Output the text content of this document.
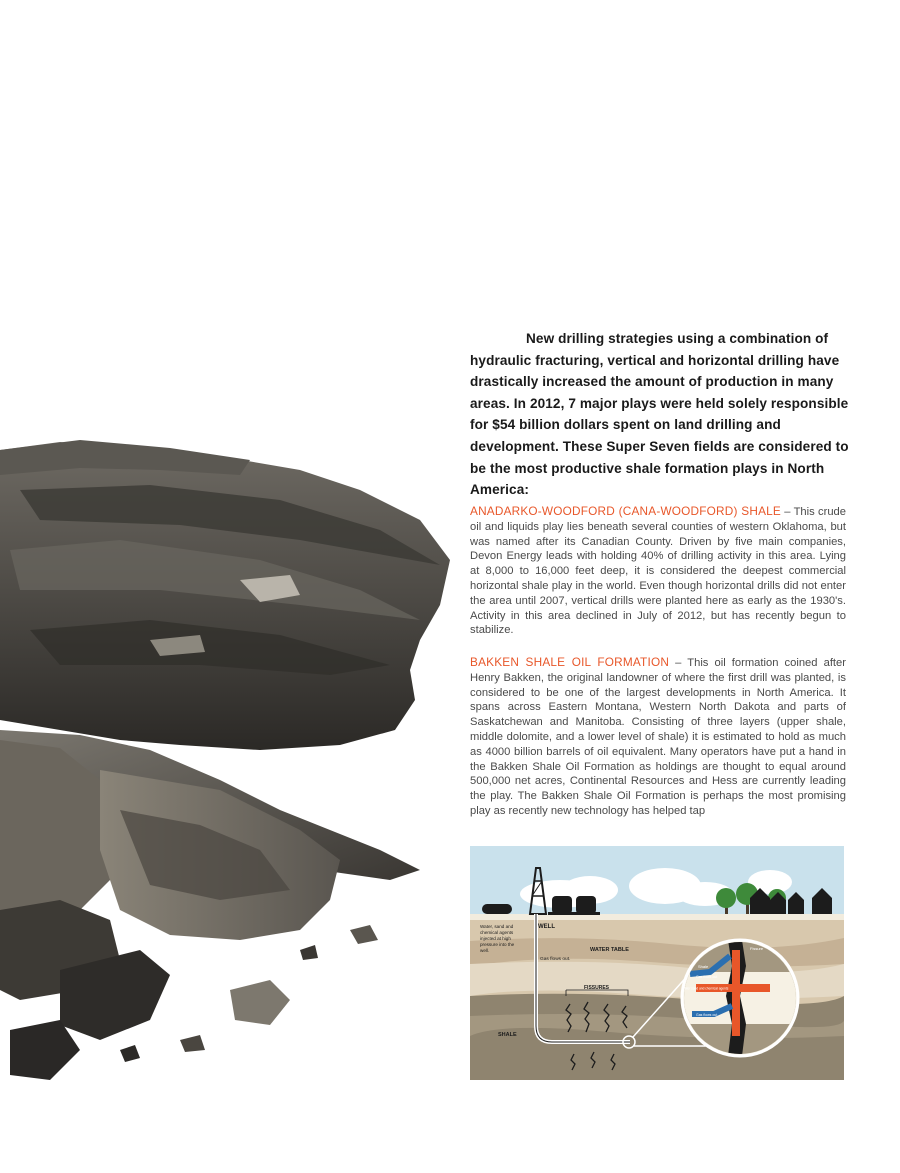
New drilling strategies using a combination of hydraulic fracturing, vertical and horizontal drilling have drastically increased the amount of production in many areas. In 2012, 7 major plays were held solely responsible for $54 billion dollars spent on land drilling and development. These Super Seven fields are considered to be the most productive shale formation plays in North America:

ANADARKO-WOODFORD (CANA-WOODFORD) SHALE – This crude oil and liquids play lies beneath several counties of western Oklahoma, but was named after its Canadian County. Driven by five main companies, Devon Energy leads with holding 40% of drilling activity in this area. Lying at 8,000 to 16,000 feet deep, it is considered the deepest commercial horizontal shale play in the world. Even though horizontal drills did not enter the area until 2007, vertical drills were planted here as early as the 1930's. Activity in this area declined in July of 2012, but has recently begun to stabilize.
BAKKEN SHALE OIL FORMATION – This oil formation coined after Henry Bakken, the original landowner of where the first drill was planted, is considered to be one of the largest developments in North America. It spans across Eastern Montana, Western North Dakota and parts of Saskatchewan and Manitoba. Consisting of three layers (upper shale, middle dolomite, and a lower level of shale) it is estimated to hold as much as 4000 billion barrels of oil equivalent. Many operators have put a hand in the Bakken Shale Oil Formation as holdings are thought to equal around 500,000 net acres, Continental Resources and Hess are currently leading the play. The Bakken Shale Oil Formation is perhaps the most promising play as recently new technology has helped tap
WELL
WATER TABLE
FISSURES
SHALE
Gas flows out.
Water, sand and
chemical agents
injected at high
pressure into the
well.	Fissure
Shale
Gas flows out
Water sand and chemical agents
Gas flows out
